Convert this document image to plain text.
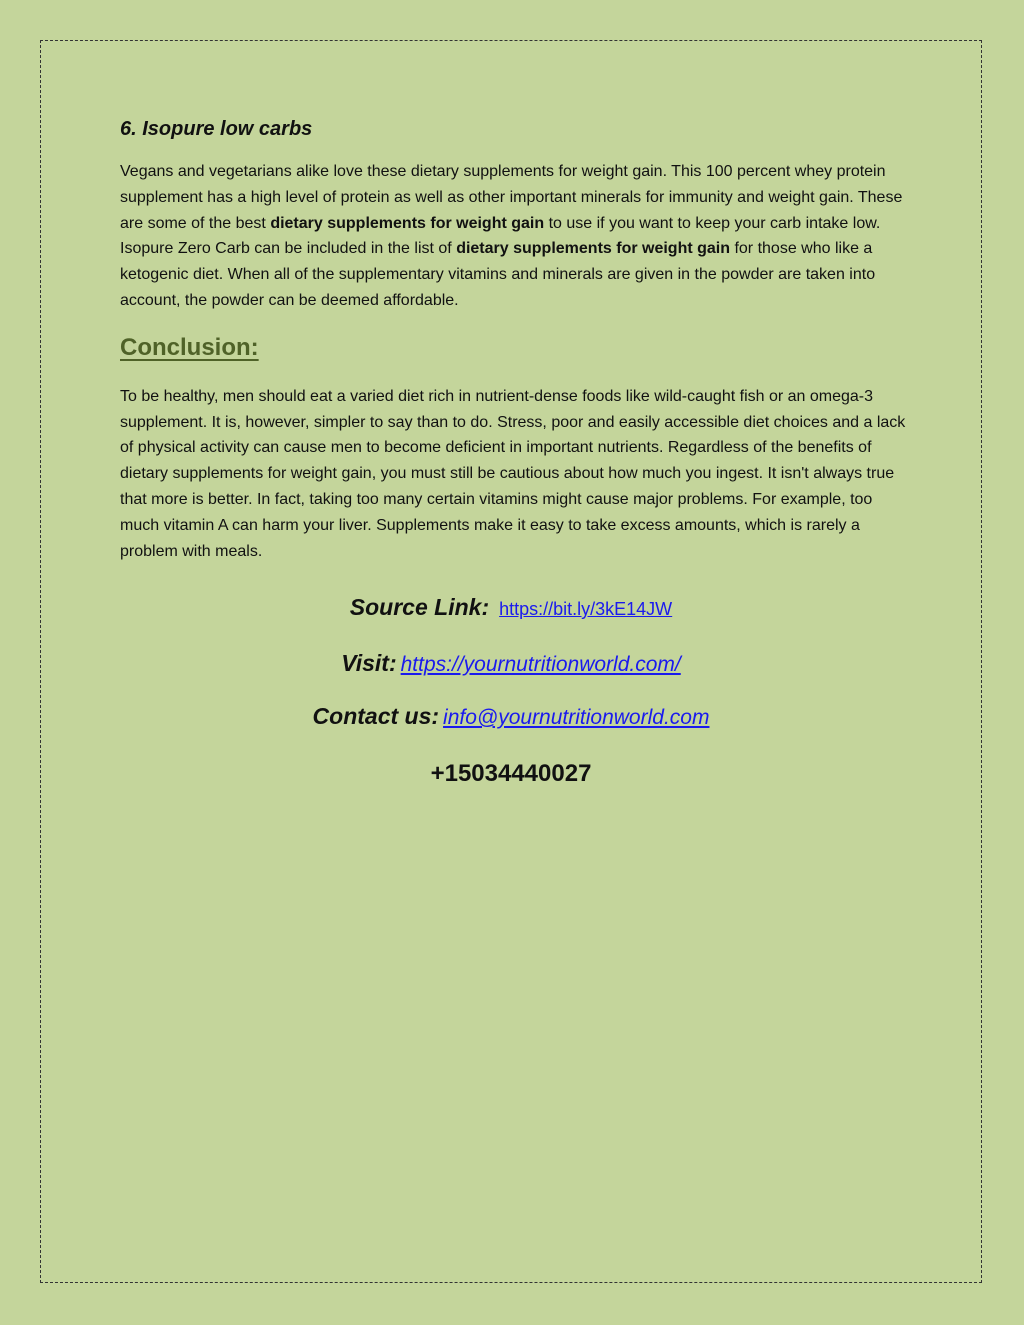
6. Isopure low carbs

Vegans and vegetarians alike love these dietary supplements for weight gain. This 100 percent whey protein supplement has a high level of protein as well as other important minerals for immunity and weight gain. These are some of the best dietary supplements for weight gain to use if you want to keep your carb intake low. Isopure Zero Carb can be included in the list of dietary supplements for weight gain for those who like a ketogenic diet. When all of the supplementary vitamins and minerals are given in the powder are taken into account, the powder can be deemed affordable.

Conclusion:

To be healthy, men should eat a varied diet rich in nutrient-dense foods like wild-caught fish or an omega-3 supplement. It is, however, simpler to say than to do. Stress, poor and easily accessible diet choices and a lack of physical activity can cause men to become deficient in important nutrients. Regardless of the benefits of dietary supplements for weight gain, you must still be cautious about how much you ingest. It isn't always true that more is better. In fact, taking too many certain vitamins might cause major problems. For example, too much vitamin A can harm your liver. Supplements make it easy to take excess amounts, which is rarely a problem with meals.

Source Link: https://bit.ly/3kE14JW
Visit: https://yournutritionworld.com/
Contact us: info@yournutritionworld.com
+15034440027
